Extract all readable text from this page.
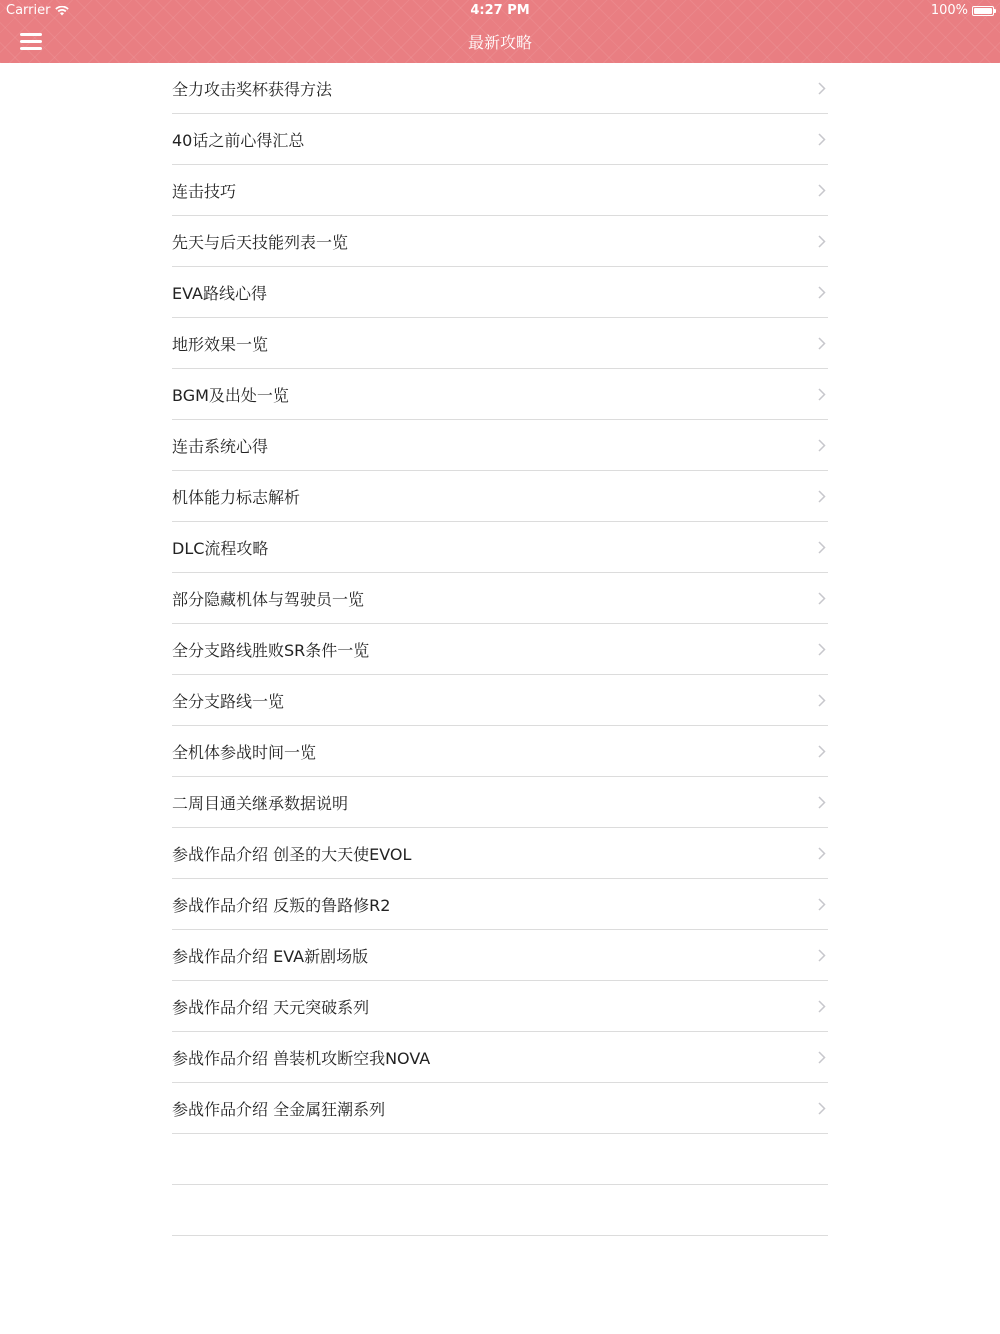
Carrier	4:27 PM	100%
最新攻略
全力攻击奖杯获得方法
40话之前心得汇总
连击技巧
先天与后天技能列表一览
EVA路线心得
地形效果一览
BGM及出处一览
连击系统心得
机体能力标志解析
DLC流程攻略
部分隐藏机体与驾驶员一览
全分支路线胜败SR条件一览
全分支路线一览
全机体参战时间一览
二周目通关继承数据说明
参战作品介绍 创圣的大天使EVOL
参战作品介绍 反叛的鲁路修R2
参战作品介绍 EVA新剧场版
参战作品介绍 天元突破系列
参战作品介绍 兽装机攻断空我NOVA
参战作品介绍 全金属狂潮系列
